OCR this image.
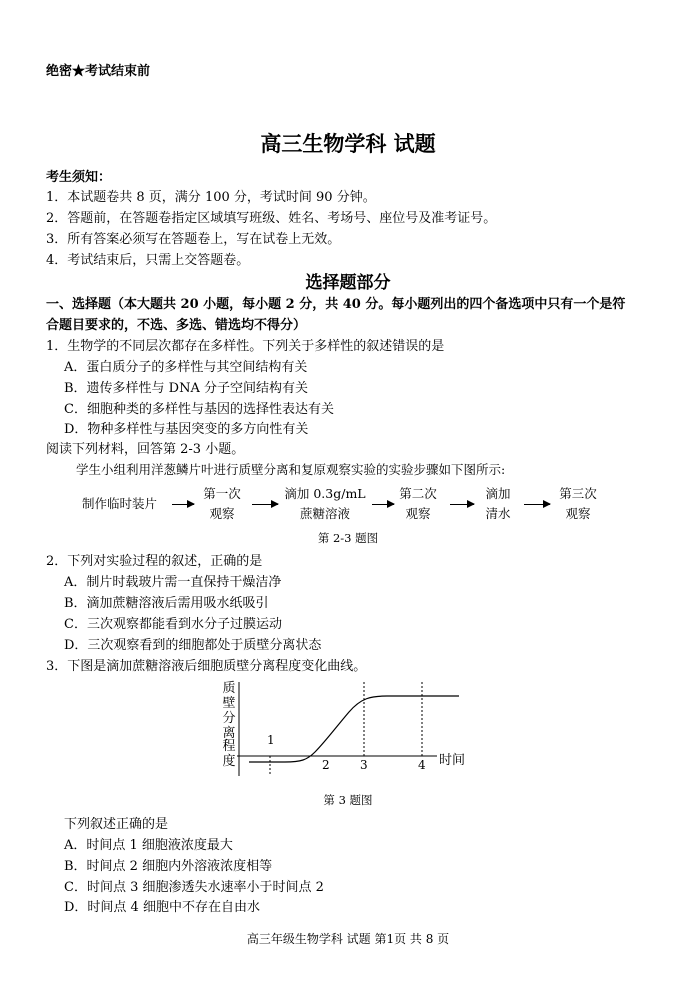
绝密★考试结束前
高三生物学科 试题
考生须知：
1．本试题卷共 8 页，满分 100 分，考试时间 90 分钟。
2．答题前，在答题卷指定区域填写班级、姓名、考场号、座位号及准考证号。
3．所有答案必须写在答题卷上，写在试卷上无效。
4．考试结束后，只需上交答题卷。
选择题部分
一、选择题（本大题共 20 小题，每小题 2 分，共 40 分。每小题列出的四个备选项中只有一个是符
合题目要求的，不选、多选、错选均不得分）
1．生物学的不同层次都存在多样性。下列关于多样性的叙述错误的是
A．蛋白质分子的多样性与其空间结构有关
B．遗传多样性与 DNA 分子空间结构有关
C．细胞种类的多样性与基因的选择性表达有关
D．物种多样性与基因突变的多方向性有关
阅读下列材料，回答第 2-3 小题。
学生小组利用洋葱鳞片叶进行质壁分离和复原观察实验的实验步骤如下图所示:
制作临时装片
第一次
观察
滴加 0.3g/mL
蔗糖溶液
第二次
观察
滴加
清水
第三次
观察
第 2-3 题图
2．下列对实验过程的叙述，正确的是
A．制片时载玻片需一直保持干燥洁净
B．滴加蔗糖溶液后需用吸水纸吸引
C．三次观察都能看到水分子过膜运动
D．三次观察看到的细胞都处于质壁分离状态
3．下图是滴加蔗糖溶液后细胞质壁分离程度变化曲线。
质
壁
分
离
程
度
1
2	3	4 时间
第 3 题图
下列叙述正确的是
A．时间点 1 细胞液浓度最大
B．时间点 2 细胞内外溶液浓度相等
C．时间点 3 细胞渗透失水速率小于时间点 2
D．时间点 4 细胞中不存在自由水
高三年级生物学科 试题 第1页 共 8 页
